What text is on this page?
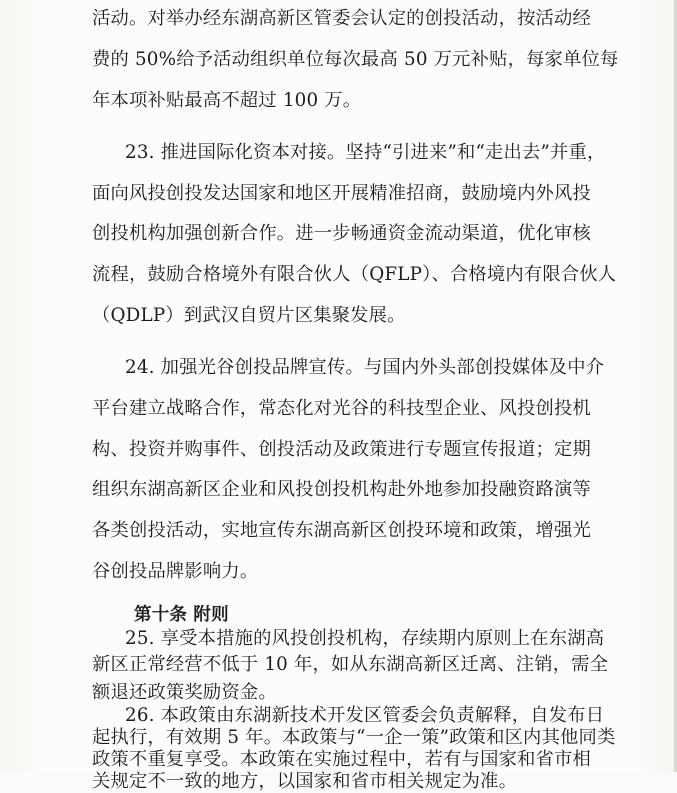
活动。对举办经东湖高新区管委会认定的创投活动，按活动经
费的 50%给予活动组织单位每次最高 50 万元补贴，每家单位每
年本项补贴最高不超过 100 万。
23. 推进国际化资本对接。坚持“引进来”和“走出去”并重，
面向风投创投发达国家和地区开展精准招商，鼓励境内外风投
创投机构加强创新合作。进一步畅通资金流动渠道，优化审核
流程，鼓励合格境外有限合伙人（QFLP）、合格境内有限合伙人
（QDLP）到武汉自贸片区集聚发展。
24. 加强光谷创投品牌宣传。与国内外头部创投媒体及中介
平台建立战略合作，常态化对光谷的科技型企业、风投创投机
构、投资并购事件、创投活动及政策进行专题宣传报道；定期
组织东湖高新区企业和风投创投机构赴外地参加投融资路演等
各类创投活动，实地宣传东湖高新区创投环境和政策，增强光
谷创投品牌影响力。
第十条 附则
25. 享受本措施的风投创投机构，存续期内原则上在东湖高
新区正常经营不低于 10 年，如从东湖高新区迁离、注销，需全
额退还政策奖励资金。
26. 本政策由东湖新技术开发区管委会负责解释，自发布日
起执行，有效期 5 年。本政策与“一企一策”政策和区内其他同类
政策不重复享受。本政策在实施过程中，若有与国家和省市相
关规定不一致的地方，以国家和省市相关规定为准。
